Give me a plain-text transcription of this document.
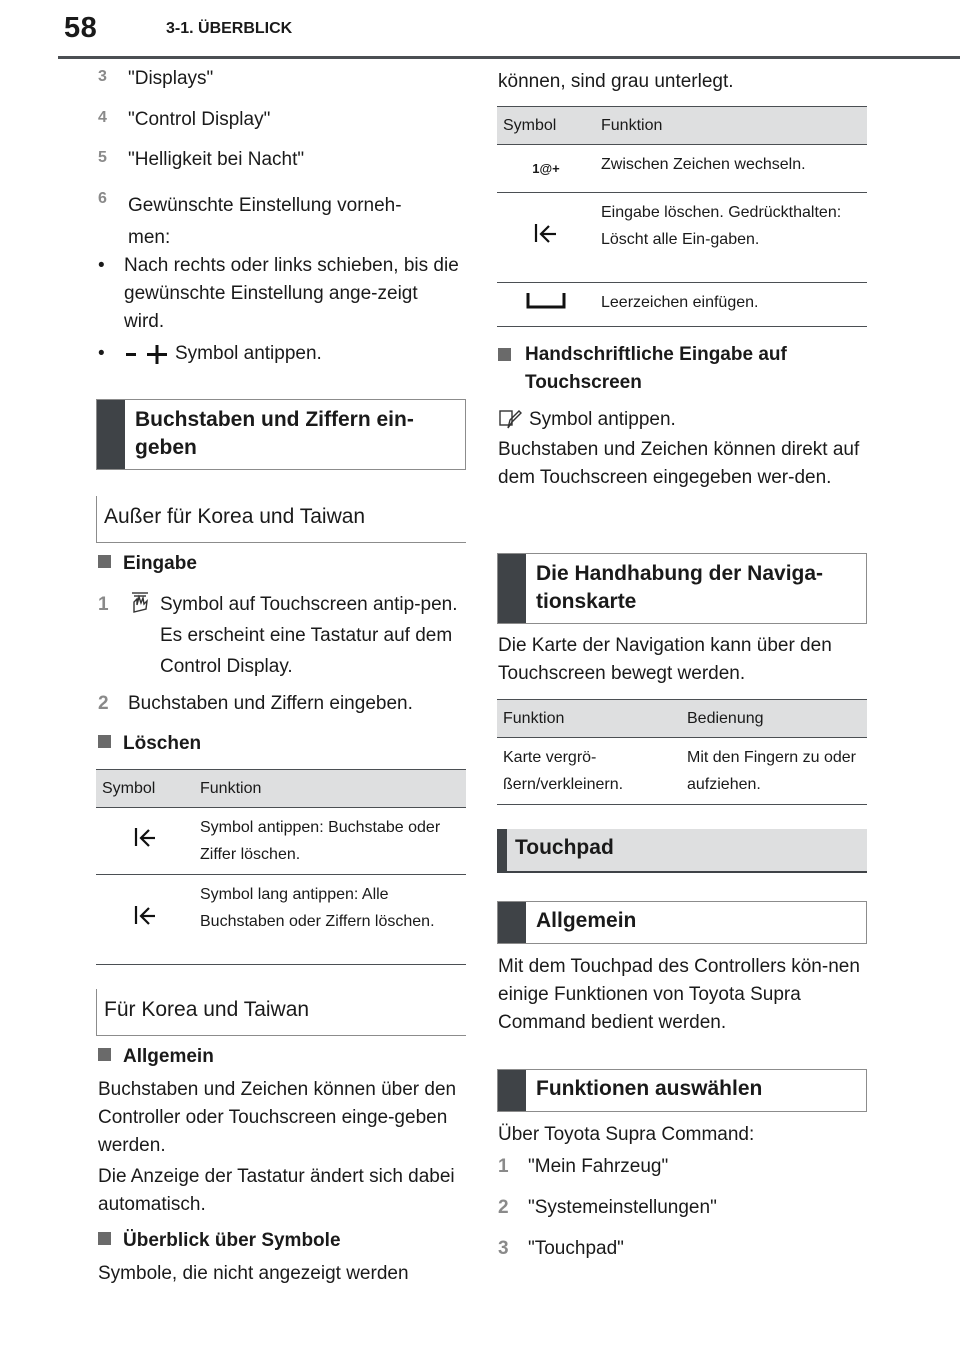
58	3-1. ÜBERBLICK
3	"Displays"
4	"Control Display"
5	"Helligkeit bei Nacht"
6	Gewünschte Einstellung vorneh-men:
• Nach rechts oder links schieben, bis die gewünschte Einstellung ange-zeigt wird.
•	Symbol antippen.
Buchstaben und Ziffern ein-geben
Außer für Korea und Taiwan
Eingabe
1	Symbol auf Touchscreen antip-pen. Es erscheint eine Tastatur auf dem Control Display.
2	Buchstaben und Ziffern eingeben.
Löschen
Symbol	Funktion
	Symbol antippen: Buchstabe oder Ziffer löschen.
	Symbol lang antippen: Alle Buchstaben oder Ziffern löschen.
Für Korea und Taiwan
Allgemein
Buchstaben und Zeichen können über den Controller oder Touchscreen einge-geben werden.
Die Anzeige der Tastatur ändert sich dabei automatisch.
Überblick über Symbole
Symbole, die nicht angezeigt werden
können, sind grau unterlegt.
Symbol	Funktion
1@+	Zwischen Zeichen wechseln.
	Eingabe löschen. Gedrückthalten: Löscht alle Ein-gaben.
	Leerzeichen einfügen.
Handschriftliche Eingabe auf Touchscreen
Symbol antippen.
Buchstaben und Zeichen können direkt auf dem Touchscreen eingegeben wer-den.
Die Handhabung der Naviga-tionskarte
Die Karte der Navigation kann über den Touchscreen bewegt werden.
Funktion	Bedienung
Karte vergrö-ßern/verkleinern.	Mit den Fingern zu oder aufziehen.
Touchpad
Allgemein
Mit dem Touchpad des Controllers kön-nen einige Funktionen von Toyota Supra Command bedient werden.
Funktionen auswählen
Über Toyota Supra Command:
1	"Mein Fahrzeug"
2	"Systemeinstellungen"
3	"Touchpad"
